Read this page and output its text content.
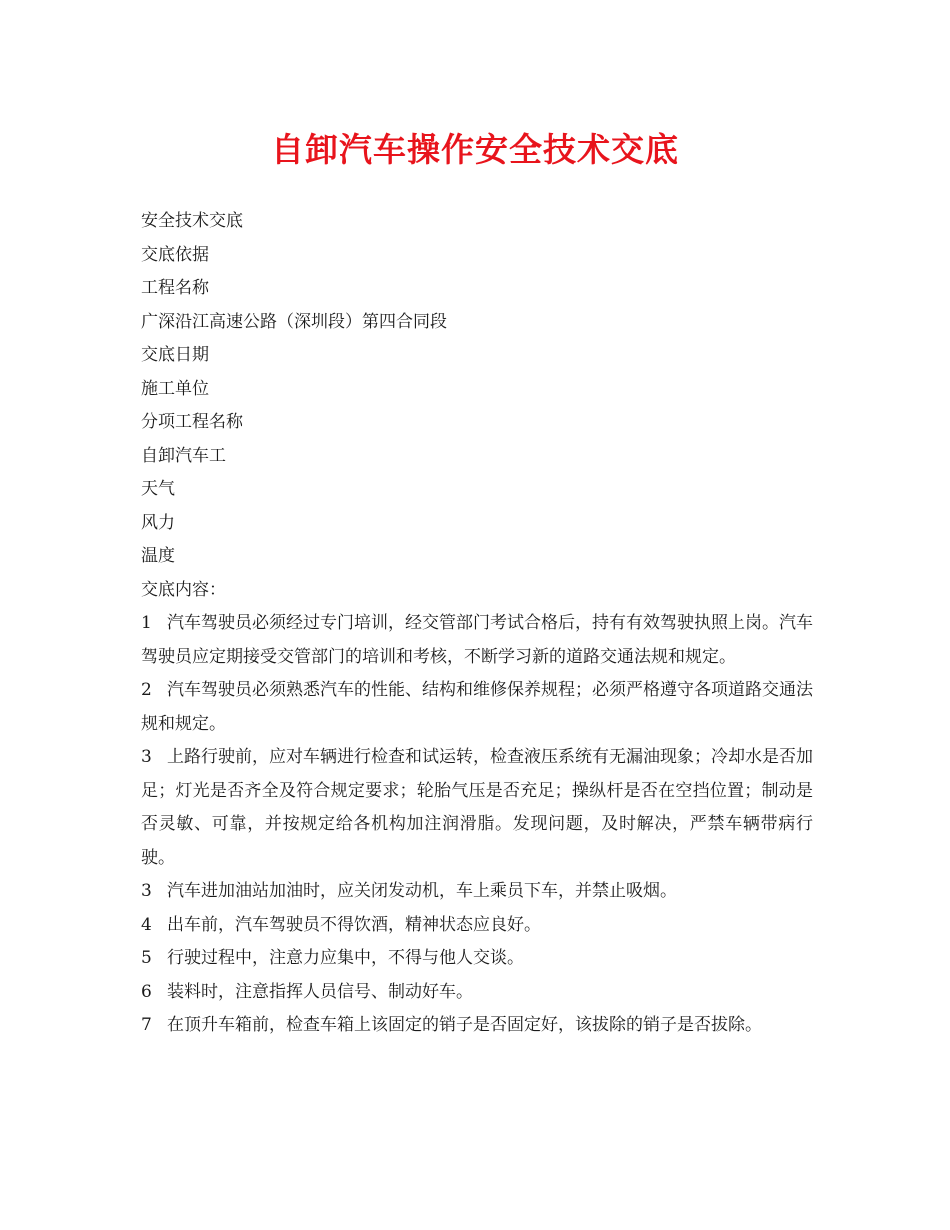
自卸汽车操作安全技术交底
安全技术交底
交底依据
工程名称
广深沿江高速公路（深圳段）第四合同段
交底日期
施工单位
分项工程名称
自卸汽车工
天气
风力
温度
交底内容：
1 汽车驾驶员必须经过专门培训，经交管部门考试合格后，持有有效驾驶执照上岗。汽车驾驶员应定期接受交管部门的培训和考核，不断学习新的道路交通法规和规定。
2 汽车驾驶员必须熟悉汽车的性能、结构和维修保养规程；必须严格遵守各项道路交通法规和规定。
3 上路行驶前，应对车辆进行检查和试运转，检查液压系统有无漏油现象；冷却水是否加足；灯光是否齐全及符合规定要求；轮胎气压是否充足；操纵杆是否在空挡位置；制动是否灵敏、可靠，并按规定给各机构加注润滑脂。发现问题，及时解决，严禁车辆带病行驶。
3 汽车进加油站加油时，应关闭发动机，车上乘员下车，并禁止吸烟。
4 出车前，汽车驾驶员不得饮酒，精神状态应良好。
5 行驶过程中，注意力应集中，不得与他人交谈。
6 装料时，注意指挥人员信号、制动好车。
7 在顶升车箱前，检查车箱上该固定的销子是否固定好，该拔除的销子是否拔除。
